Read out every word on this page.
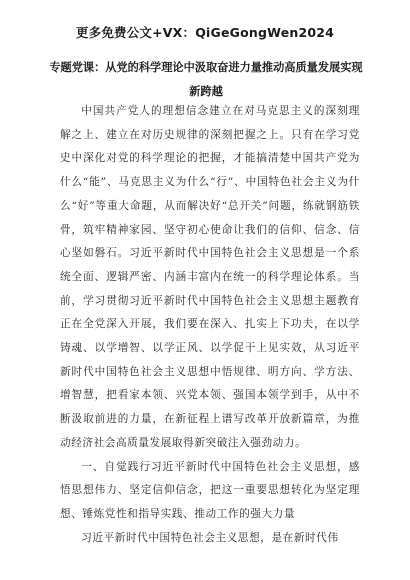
更多免费公文+VX：QiGeGongWen2024
专题党课：从党的科学理论中汲取奋进力量推动高质量发展实现新跨越

中国共产党人的理想信念建立在对马克思主义的深刻理解之上、建立在对历史规律的深刻把握之上。只有在学习党史中深化对党的科学理论的把握，才能搞清楚中国共产党为什么“能”、马克思主义为什么“行”、中国特色社会主义为什么“好”等重大命题，从而解决好“总开关”问题，练就钢筋铁骨，筑牢精神家园、坚守初心使命让我们的信仰、信念、信心坚如磐石。习近平新时代中国特色社会主义思想是一个系统全面、逻辑严密、内涵丰富内在统一的科学理论体系。当前，学习贯彻习近平新时代中国特色社会主义思想主题教育正在全党深入开展，我们要在深入、扎实上下功夫，在以学铸魂、以学增智、以学正风、以学促干上见实效，从习近平新时代中国特色社会主义思想中悟规律、明方向、学方法、增智慧，把看家本领、兴党本领、强国本领学到手，从中不断汲取前进的力量，在新征程上谱写改革开放新篇章，为推动经济社会高质量发展取得新突破注入强劲动力。

一、自觉践行习近平新时代中国特色社会主义思想，感悟思想伟力、坚定信仰信念，把这一重要思想转化为坚定理想、锤炼党性和指导实践、推动工作的强大力量

习近平新时代中国特色社会主义思想，是在新时代伟
